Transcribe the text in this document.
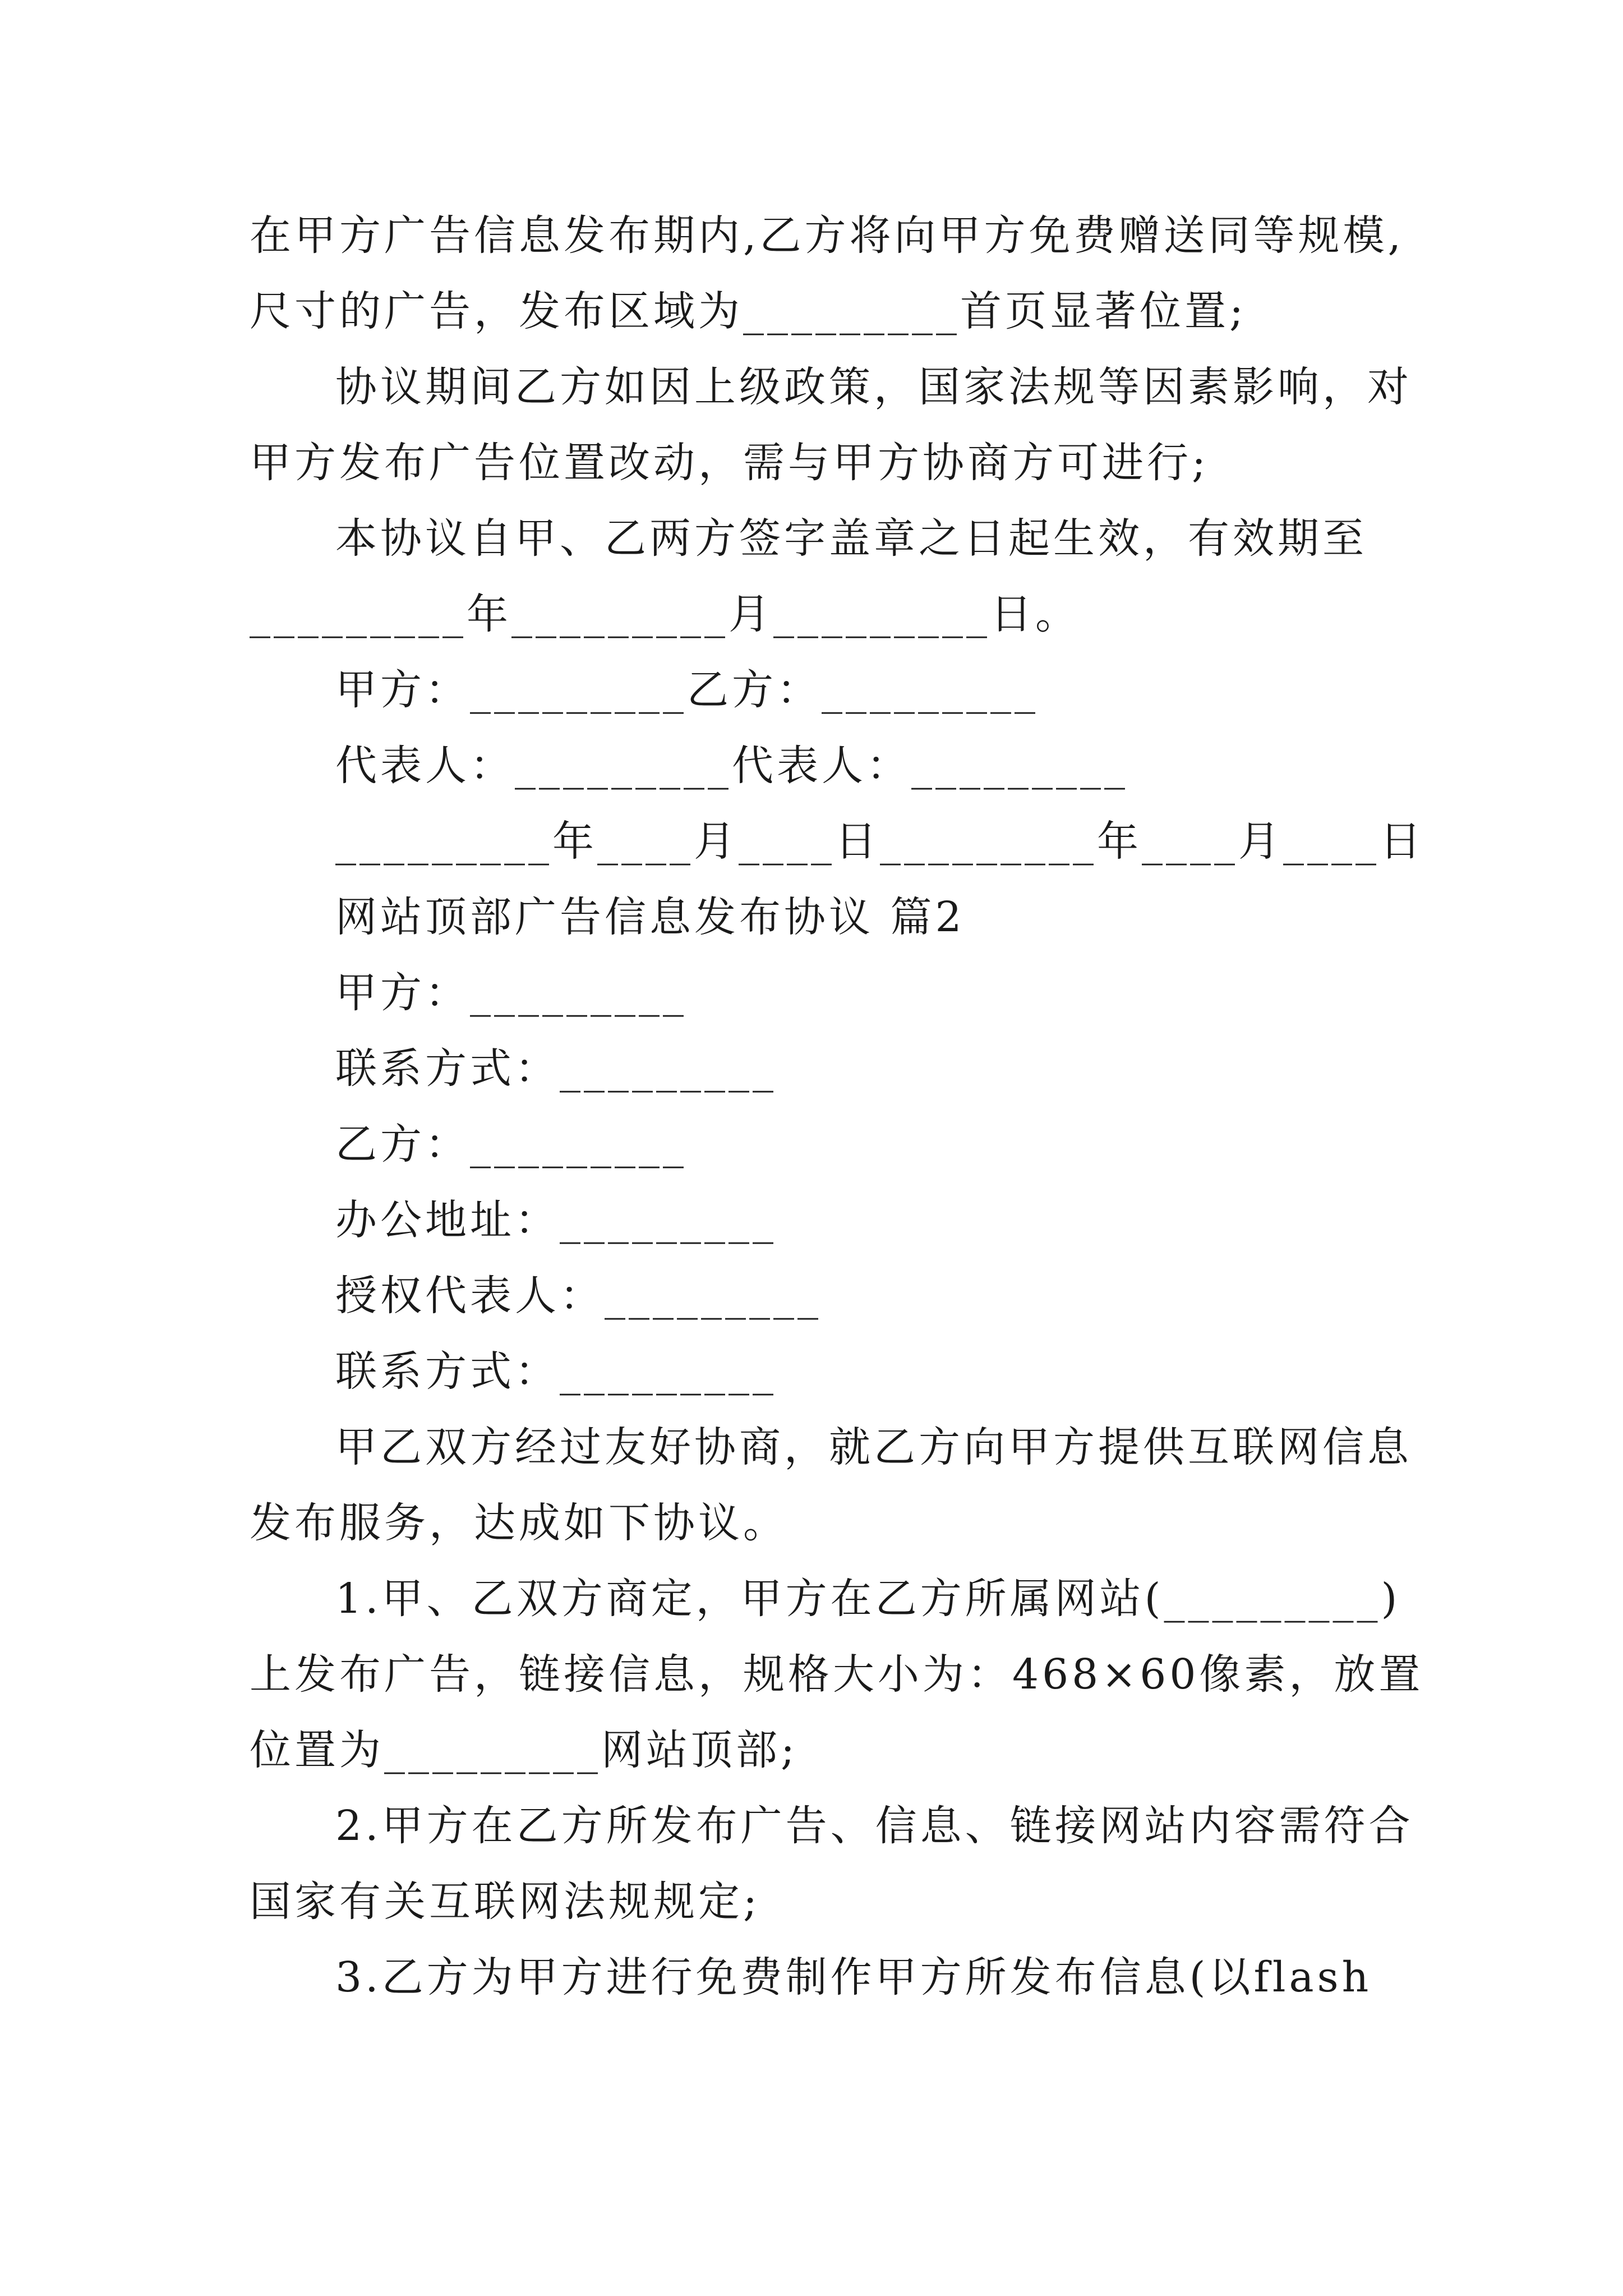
在甲方广告信息发布期内,乙方将向甲方免费赠送同等规模,
尺寸的广告，发布区域为_________首页显著位置;
协议期间乙方如因上级政策，国家法规等因素影响，对
甲方发布广告位置改动，需与甲方协商方可进行;
本协议自甲、乙两方签字盖章之日起生效，有效期至
_________年_________月_________日。
甲方：_________乙方：_________
代表人：_________代表人：_________
_________年____月____日_________年____月____日
网站顶部广告信息发布协议 篇2
甲方：_________
联系方式：_________
乙方：_________
办公地址：_________
授权代表人：_________
联系方式：_________
甲乙双方经过友好协商，就乙方向甲方提供互联网信息
发布服务，达成如下协议。
1.甲、乙双方商定，甲方在乙方所属网站(_________)
上发布广告，链接信息，规格大小为：468×60像素，放置
位置为_________网站顶部;
2.甲方在乙方所发布广告、信息、链接网站内容需符合
国家有关互联网法规规定;
3.乙方为甲方进行免费制作甲方所发布信息(以flash
